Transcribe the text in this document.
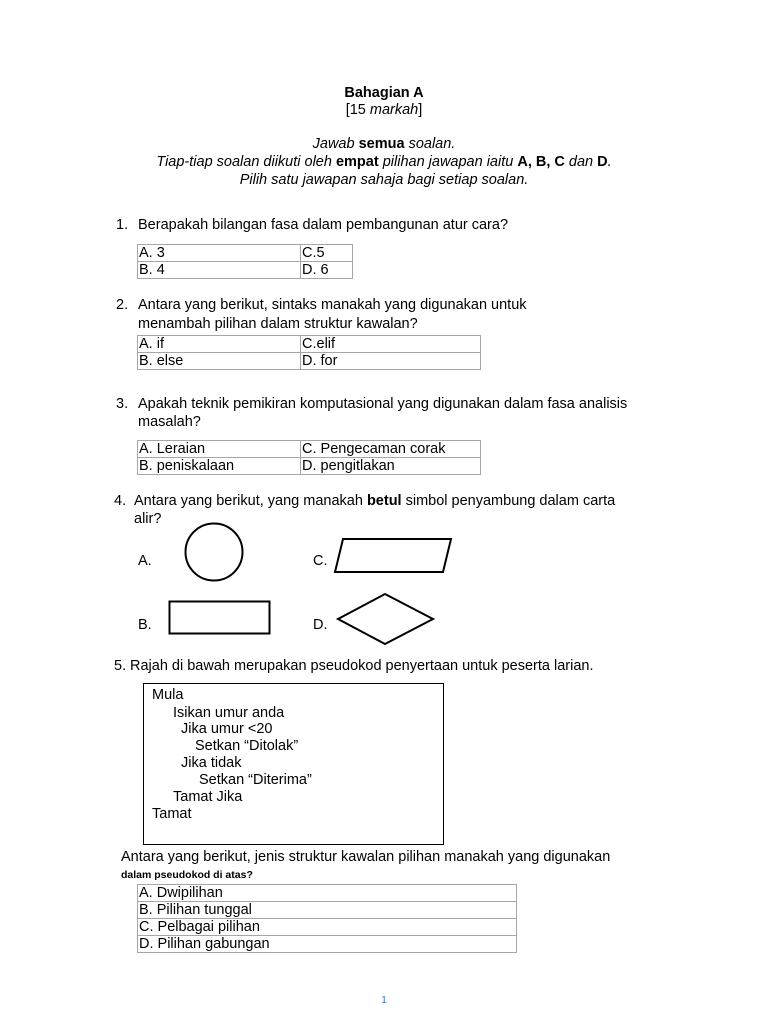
Bahagian A
[15 markah]
Jawab semua soalan.
Tiap-tiap soalan diikuti oleh empat pilihan jawapan iaitu A, B, C dan D.
Pilih satu jawapan sahaja bagi setiap soalan.
1. Berapakah bilangan fasa dalam pembangunan atur cara?
A. 3	C.5
B. 4	D. 6
2. Antara yang berikut, sintaks manakah yang digunakan untuk
menambah pilihan dalam struktur kawalan?
A. if	C.elif
B. else	D. for
3. Apakah teknik pemikiran komputasional yang digunakan dalam fasa analisis
masalah?
A. Leraian	C. Pengecaman corak
B. peniskalaan	D. pengitlakan
4. Antara yang berikut, yang manakah betul simbol penyambung dalam carta
alir?
A.	C.
B.	D.
5. Rajah di bawah merupakan pseudokod penyertaan untuk peserta larian.
Mula
Isikan umur anda
Jika umur <20
Setkan “Ditolak”
Jika tidak
Setkan “Diterima”
Tamat Jika
Tamat
Antara yang berikut, jenis struktur kawalan pilihan manakah yang digunakan
dalam pseudokod di atas?
A. Dwipilihan
B. Pilihan tunggal
C. Pelbagai pilihan
D. Pilihan gabungan
1
